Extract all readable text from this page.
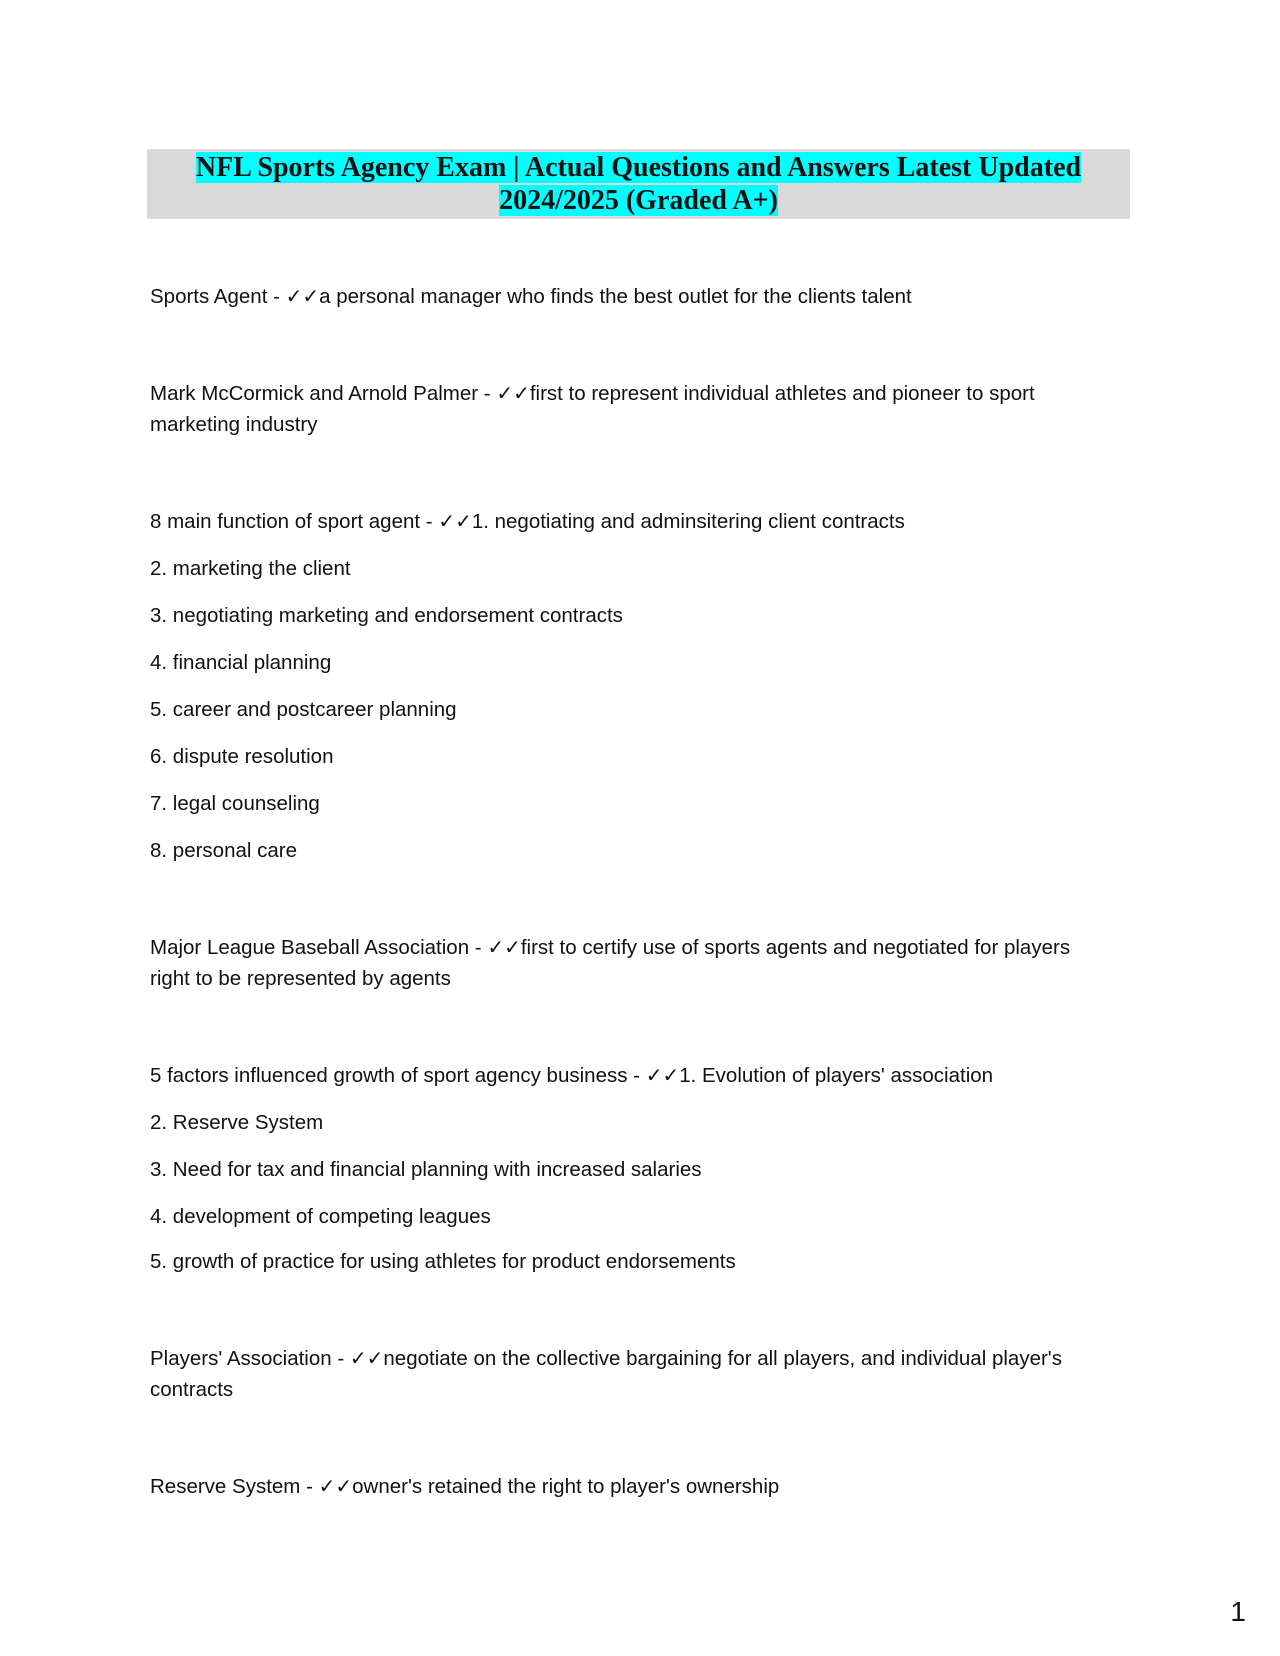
NFL Sports Agency Exam | Actual Questions and Answers Latest Updated
2024/2025 (Graded A+)
Sports Agent - ✓✓a personal manager who finds the best outlet for the clients talent
Mark McCormick and Arnold Palmer - ✓✓first to represent individual athletes and pioneer to sport marketing industry
8 main function of sport agent - ✓✓1. negotiating and adminsitering client contracts
2. marketing the client
3. negotiating marketing and endorsement contracts
4. financial planning
5. career and postcareer planning
6. dispute resolution
7. legal counseling
8. personal care
Major League Baseball Association - ✓✓first to certify use of sports agents and negotiated for players right to be represented by agents
5 factors influenced growth of sport agency business - ✓✓1. Evolution of players' association
2. Reserve System
3. Need for tax and financial planning with increased salaries
4. development of competing leagues
5. growth of practice for using athletes for product endorsements
Players' Association - ✓✓negotiate on the collective bargaining for all players, and individual player's contracts
Reserve System - ✓✓owner's retained the right to player's ownership
1
